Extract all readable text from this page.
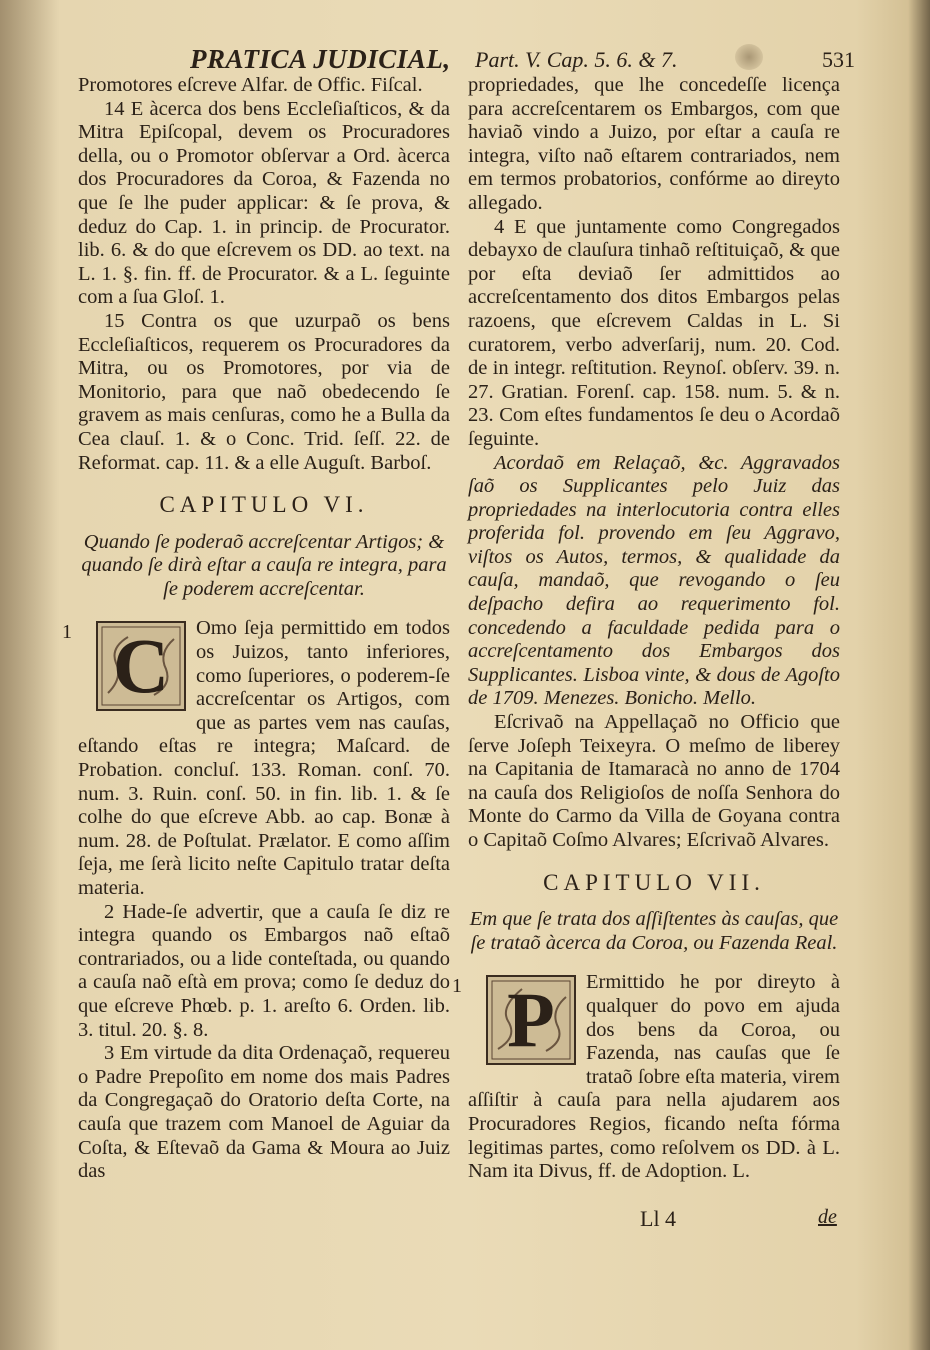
PRATICA JUDICIAL, Part. V. Cap. 5. 6. & 7.	531

Promotores eſcreve Alfar. de Offic. Fiſcal.

14 E àcerca dos bens Eccleſiaſticos, & da Mitra Epiſcopal, devem os Procuradores della, ou o Promotor obſervar a Ord. àcerca dos Procuradores da Coroa, & Fazenda no que ſe lhe puder applicar: & ſe prova, & deduz do Cap. 1. in princip. de Procurator. lib. 6. & do que eſcrevem os DD. ao text. na L. 1. §. fin. ff. de Procurator. & a L. ſeguinte com a ſua Gloſ. 1.

15 Contra os que uzurpaõ os bens Eccleſiaſticos, requerem os Procuradores da Mitra, ou os Promotores, por via de Monitorio, para que naõ obedecendo ſe gravem as mais cenſuras, como he a Bulla da Cea clauſ. 1. & o Conc. Trid. ſeſſ. 22. de Reformat. cap. 11. & a elle Auguſt. Barboſ.

CAPITULO VI.
Quando ſe poderaõ accreſcentar Artigos; & quando ſe dirà eſtar a cauſa re integra, para ſe poderem accreſcentar.
1 C	Omo ſeja permittido em todos os Juizos, tanto inferiores, como ſuperiores, o poderem-ſe accreſcentar os Artigos, com que as partes vem nas cauſas, eſtando eſtas re integra; Maſcard. de Probation. concluſ. 133. Roman. conſ. 70. num. 3. Ruin. conſ. 50. in fin. lib. 1. & ſe colhe do que eſcreve Abb. ao cap. Bonæ à num. 28. de Poſtulat. Prælator. E como aſſim ſeja, me ſerà licito neſte Capitulo tratar deſta materia.

2 Hade-ſe advertir, que a cauſa ſe diz re integra quando os Embargos naõ eſtaõ contrariados, ou a lide conteſtada, ou quando a cauſa naõ eſtà em prova; como ſe deduz do que eſcreve Phœb. p. 1. areſto 6. Orden. lib. 3. titul. 20. §. 8.

3 Em virtude da dita Ordenaçaõ, requereu o Padre Prepoſito em nome dos mais Padres da Congregaçaõ do Oratorio deſta Corte, na cauſa que trazem com Manoel de Aguiar da Coſta, & Eſtevaõ da Gama & Moura ao Juiz das

propriedades, que lhe concedeſſe licença para accreſcentarem os Embargos, com que haviaõ vindo a Juizo, por eſtar a cauſa re integra, viſto naõ eſtarem contrariados, nem em termos probatorios, confórme ao direyto allegado.

4 E que juntamente como Congregados debayxo de clauſura tinhaõ reſtituiçaõ, & que por eſta deviaõ ſer admittidos ao accreſcentamento dos ditos Embargos pelas razoens, que eſcrevem Caldas in L. Si curatorem, verbo adverſarij, num. 20. Cod. de in integr. reſtitution. Reynoſ. obſerv. 39. n. 27. Gratian. Forenſ. cap. 158. num. 5. & n. 23. Com eſtes fundamentos ſe deu o Acordaõ ſeguinte.

Acordaõ em Relaçaõ, &c. Aggravados ſaõ os Supplicantes pelo Juiz das propriedades na interlocutoria contra elles proferida fol. provendo em ſeu Aggravo, viſtos os Autos, termos, & qualidade da cauſa, mandaõ, que revogando o ſeu deſpacho defira ao requerimento fol. concedendo a faculdade pedida para o accreſcentamento dos Embargos dos Supplicantes. Lisboa vinte, & dous de Agoſto de 1709. Menezes. Bonicho. Mello.

Eſcrivaõ na Appellaçaõ no Officio que ſerve Joſeph Teixeyra. O meſmo de liberey na Capitania de Itamaracà no anno de 1704 na cauſa dos Religioſos de noſſa Senhora do Monte do Carmo da Villa de Goyana contra o Capitaõ Coſmo Alvares; Eſcrivaõ Alvares.

CAPITULO VII.
Em que ſe trata dos aſſiſtentes às cauſas, que ſe trataõ àcerca da Coroa, ou Fazenda Real.
1 P	Ermittido he por direyto à qualquer do povo em ajuda dos bens da Coroa, ou Fazenda, nas cauſas que ſe trataõ ſobre eſta materia, virem aſſiſtir à cauſa para nella ajudarem aos Procuradores Regios, ficando neſta fórma legitimas partes, como reſolvem os DD. à L. Nam ita Divus, ff. de Adoption. L.

Ll 4	de
